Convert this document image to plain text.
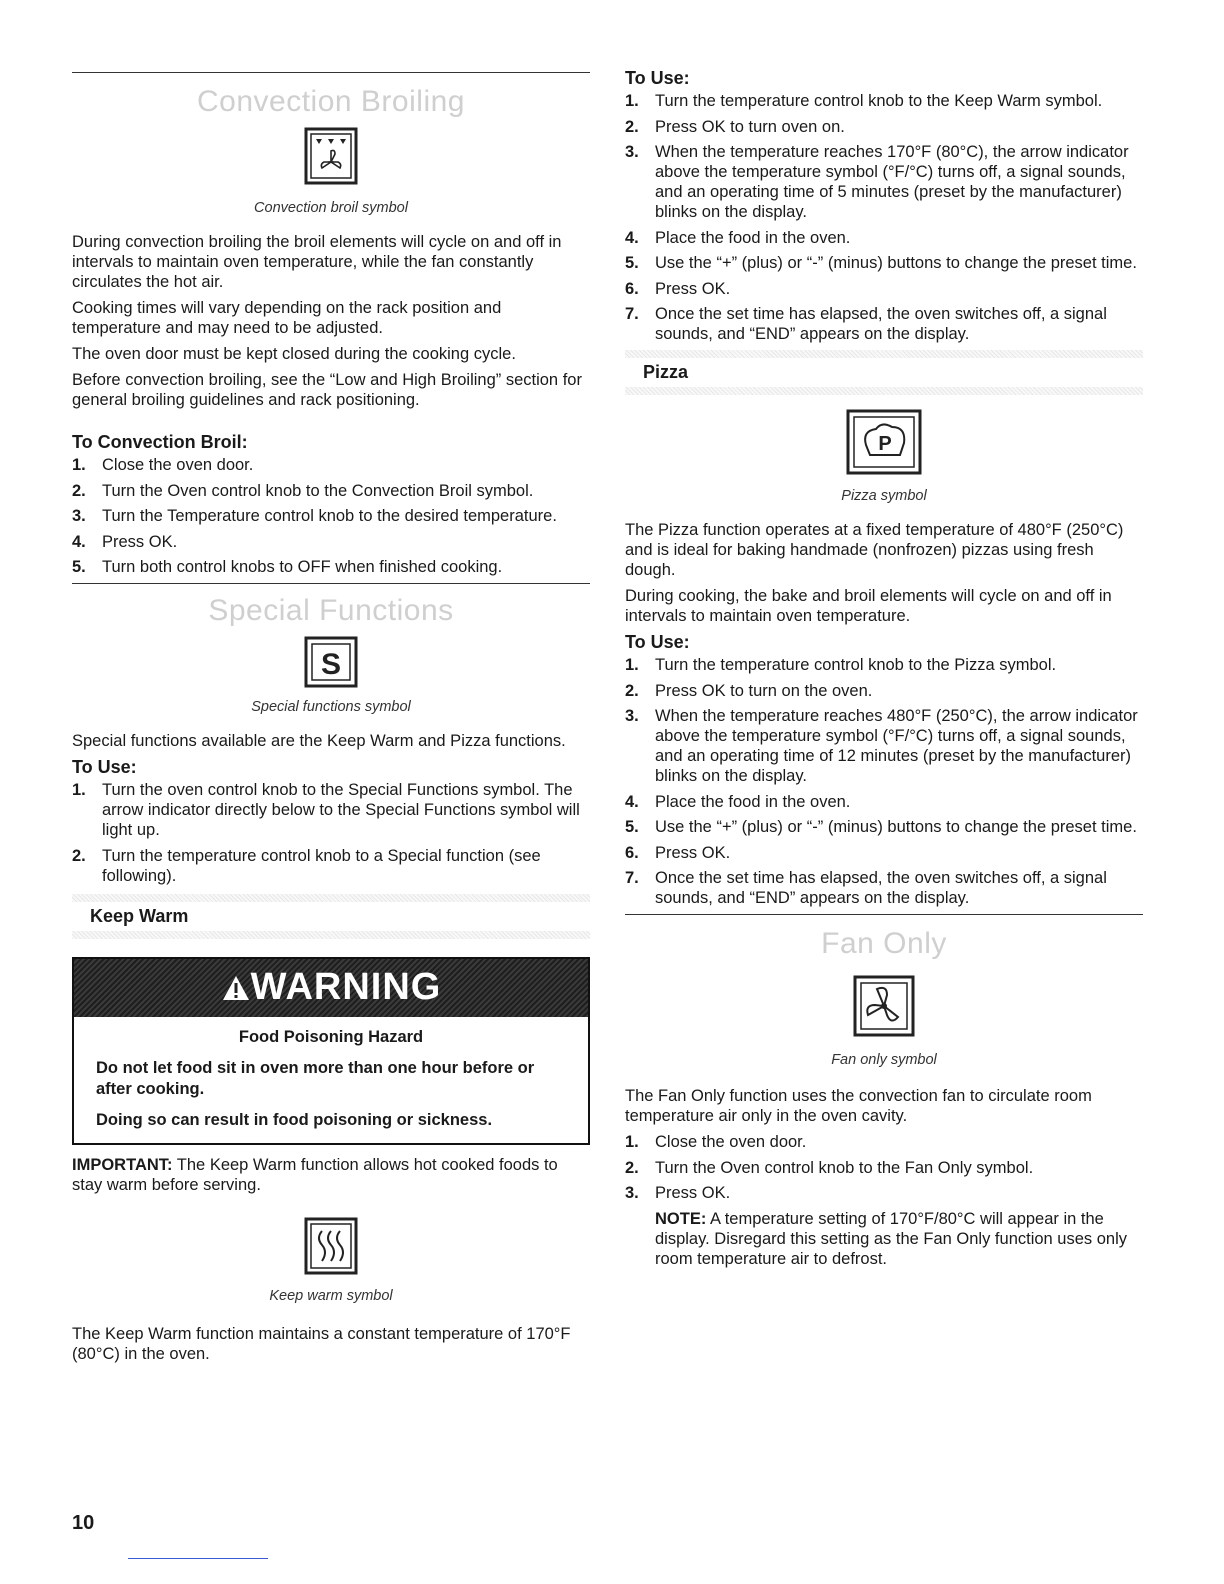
Convection Broiling
Convection broil symbol

During convection broiling the broil elements will cycle on and off in intervals to maintain oven temperature, while the fan constantly circulates the hot air.

Cooking times will vary depending on the rack position and temperature and may need to be adjusted.

The oven door must be kept closed during the cooking cycle.

Before convection broiling, see the “Low and High Broiling” section for general broiling guidelines and rack positioning.

To Convection Broil:
1. Close the oven door.
2. Turn the Oven control knob to the Convection Broil symbol.
3. Turn the Temperature control knob to the desired temperature.
4. Press OK.
5. Turn both control knobs to OFF when finished cooking.
Special Functions
S
Special functions symbol

Special functions available are the Keep Warm and Pizza functions.

To Use:
1. Turn the oven control knob to the Special Functions symbol. The arrow indicator directly below to the Special Functions symbol will light up.
2. Turn the temperature control knob to a Special function (see following).
Keep Warm
WARNING
Food Poisoning Hazard
Do not let food sit in oven more than one hour before or after cooking.
Doing so can result in food poisoning or sickness.

IMPORTANT: The Keep Warm function allows hot cooked foods to stay warm before serving.

Keep warm symbol

The Keep Warm function maintains a constant temperature of 170°F (80°C) in the oven.

To Use:
1. Turn the temperature control knob to the Keep Warm symbol.
2. Press OK to turn oven on.
3. When the temperature reaches 170°F (80°C), the arrow indicator above the temperature symbol (°F/°C) turns off, a signal sounds, and an operating time of 5 minutes (preset by the manufacturer) blinks on the display.
4. Place the food in the oven.
5. Use the “+” (plus) or “-” (minus) buttons to change the preset time.
6. Press OK.
7. Once the set time has elapsed, the oven switches off, a signal sounds, and “END” appears on the display.
Pizza
P
Pizza symbol

The Pizza function operates at a fixed temperature of 480°F (250°C) and is ideal for baking handmade (nonfrozen) pizzas using fresh dough.

During cooking, the bake and broil elements will cycle on and off in intervals to maintain oven temperature.

To Use:
1. Turn the temperature control knob to the Pizza symbol.
2. Press OK to turn on the oven.
3. When the temperature reaches 480°F (250°C), the arrow indicator above the temperature symbol (°F/°C) turns off, a signal sounds, and an operating time of 12 minutes (preset by the manufacturer) blinks on the display.
4. Place the food in the oven.
5. Use the “+” (plus) or “-” (minus) buttons to change the preset time.
6. Press OK.
7. Once the set time has elapsed, the oven switches off, a signal sounds, and “END” appears on the display.
Fan Only
Fan only symbol

The Fan Only function uses the convection fan to circulate room temperature air only in the oven cavity.

1. Close the oven door.
2. Turn the Oven control knob to the Fan Only symbol.
3. Press OK.

NOTE: A temperature setting of 170°F/80°C will appear in the display. Disregard this setting as the Fan Only function uses only room temperature air to defrost.

10
